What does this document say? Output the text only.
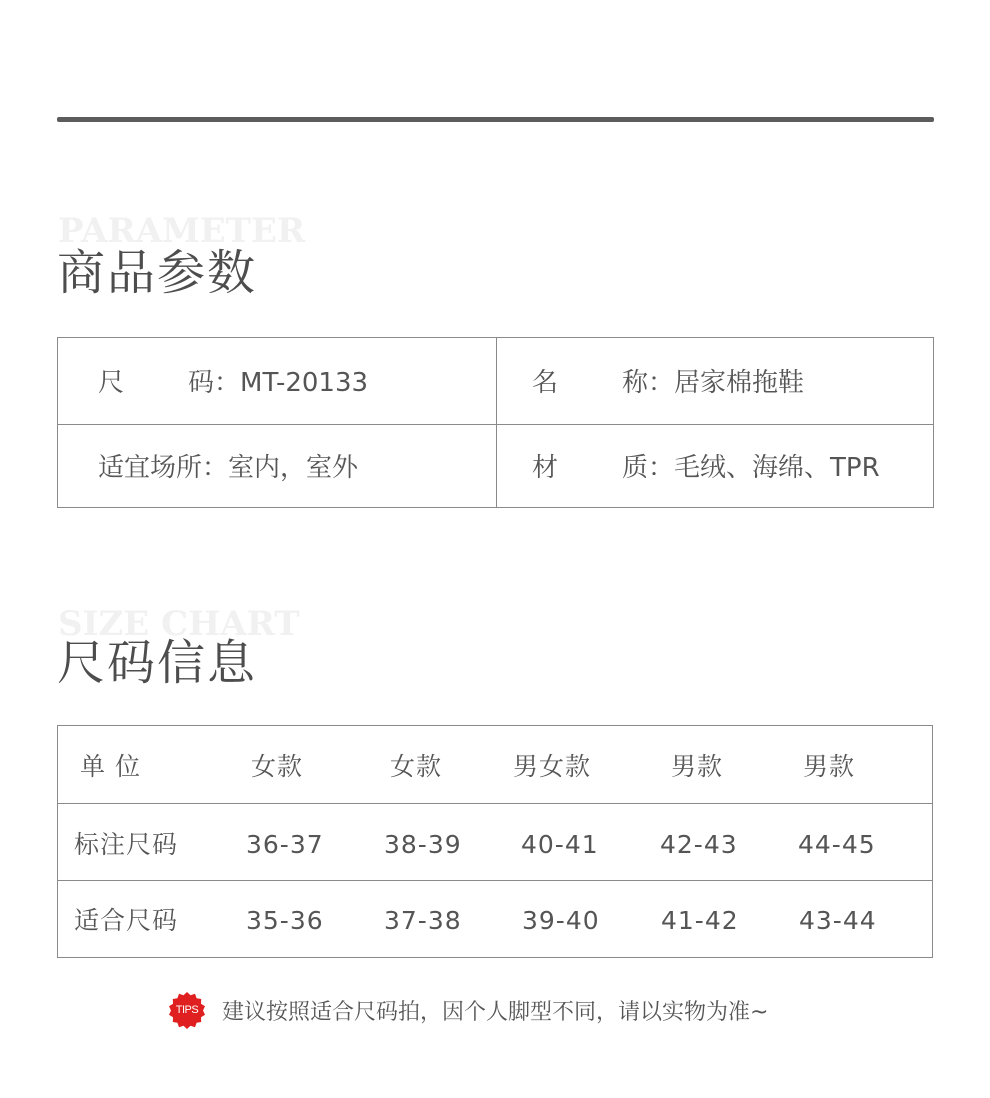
PARAMETER
商品参数
尺 码：MT-20133	名 称：居家棉拖鞋
适宜场所：室内，室外	材 质：毛绒、海绵、TPR
SIZE CHART
尺码信息
单 位	女款	女款	男女款	男款	男款
标注尺码	36-37 38-39 40-41 42-43 44-45
适合尺码	35-36 37-38 39-40 41-42 43-44
TIPS	建议按照适合尺码拍，因个人脚型不同，请以实物为准~
